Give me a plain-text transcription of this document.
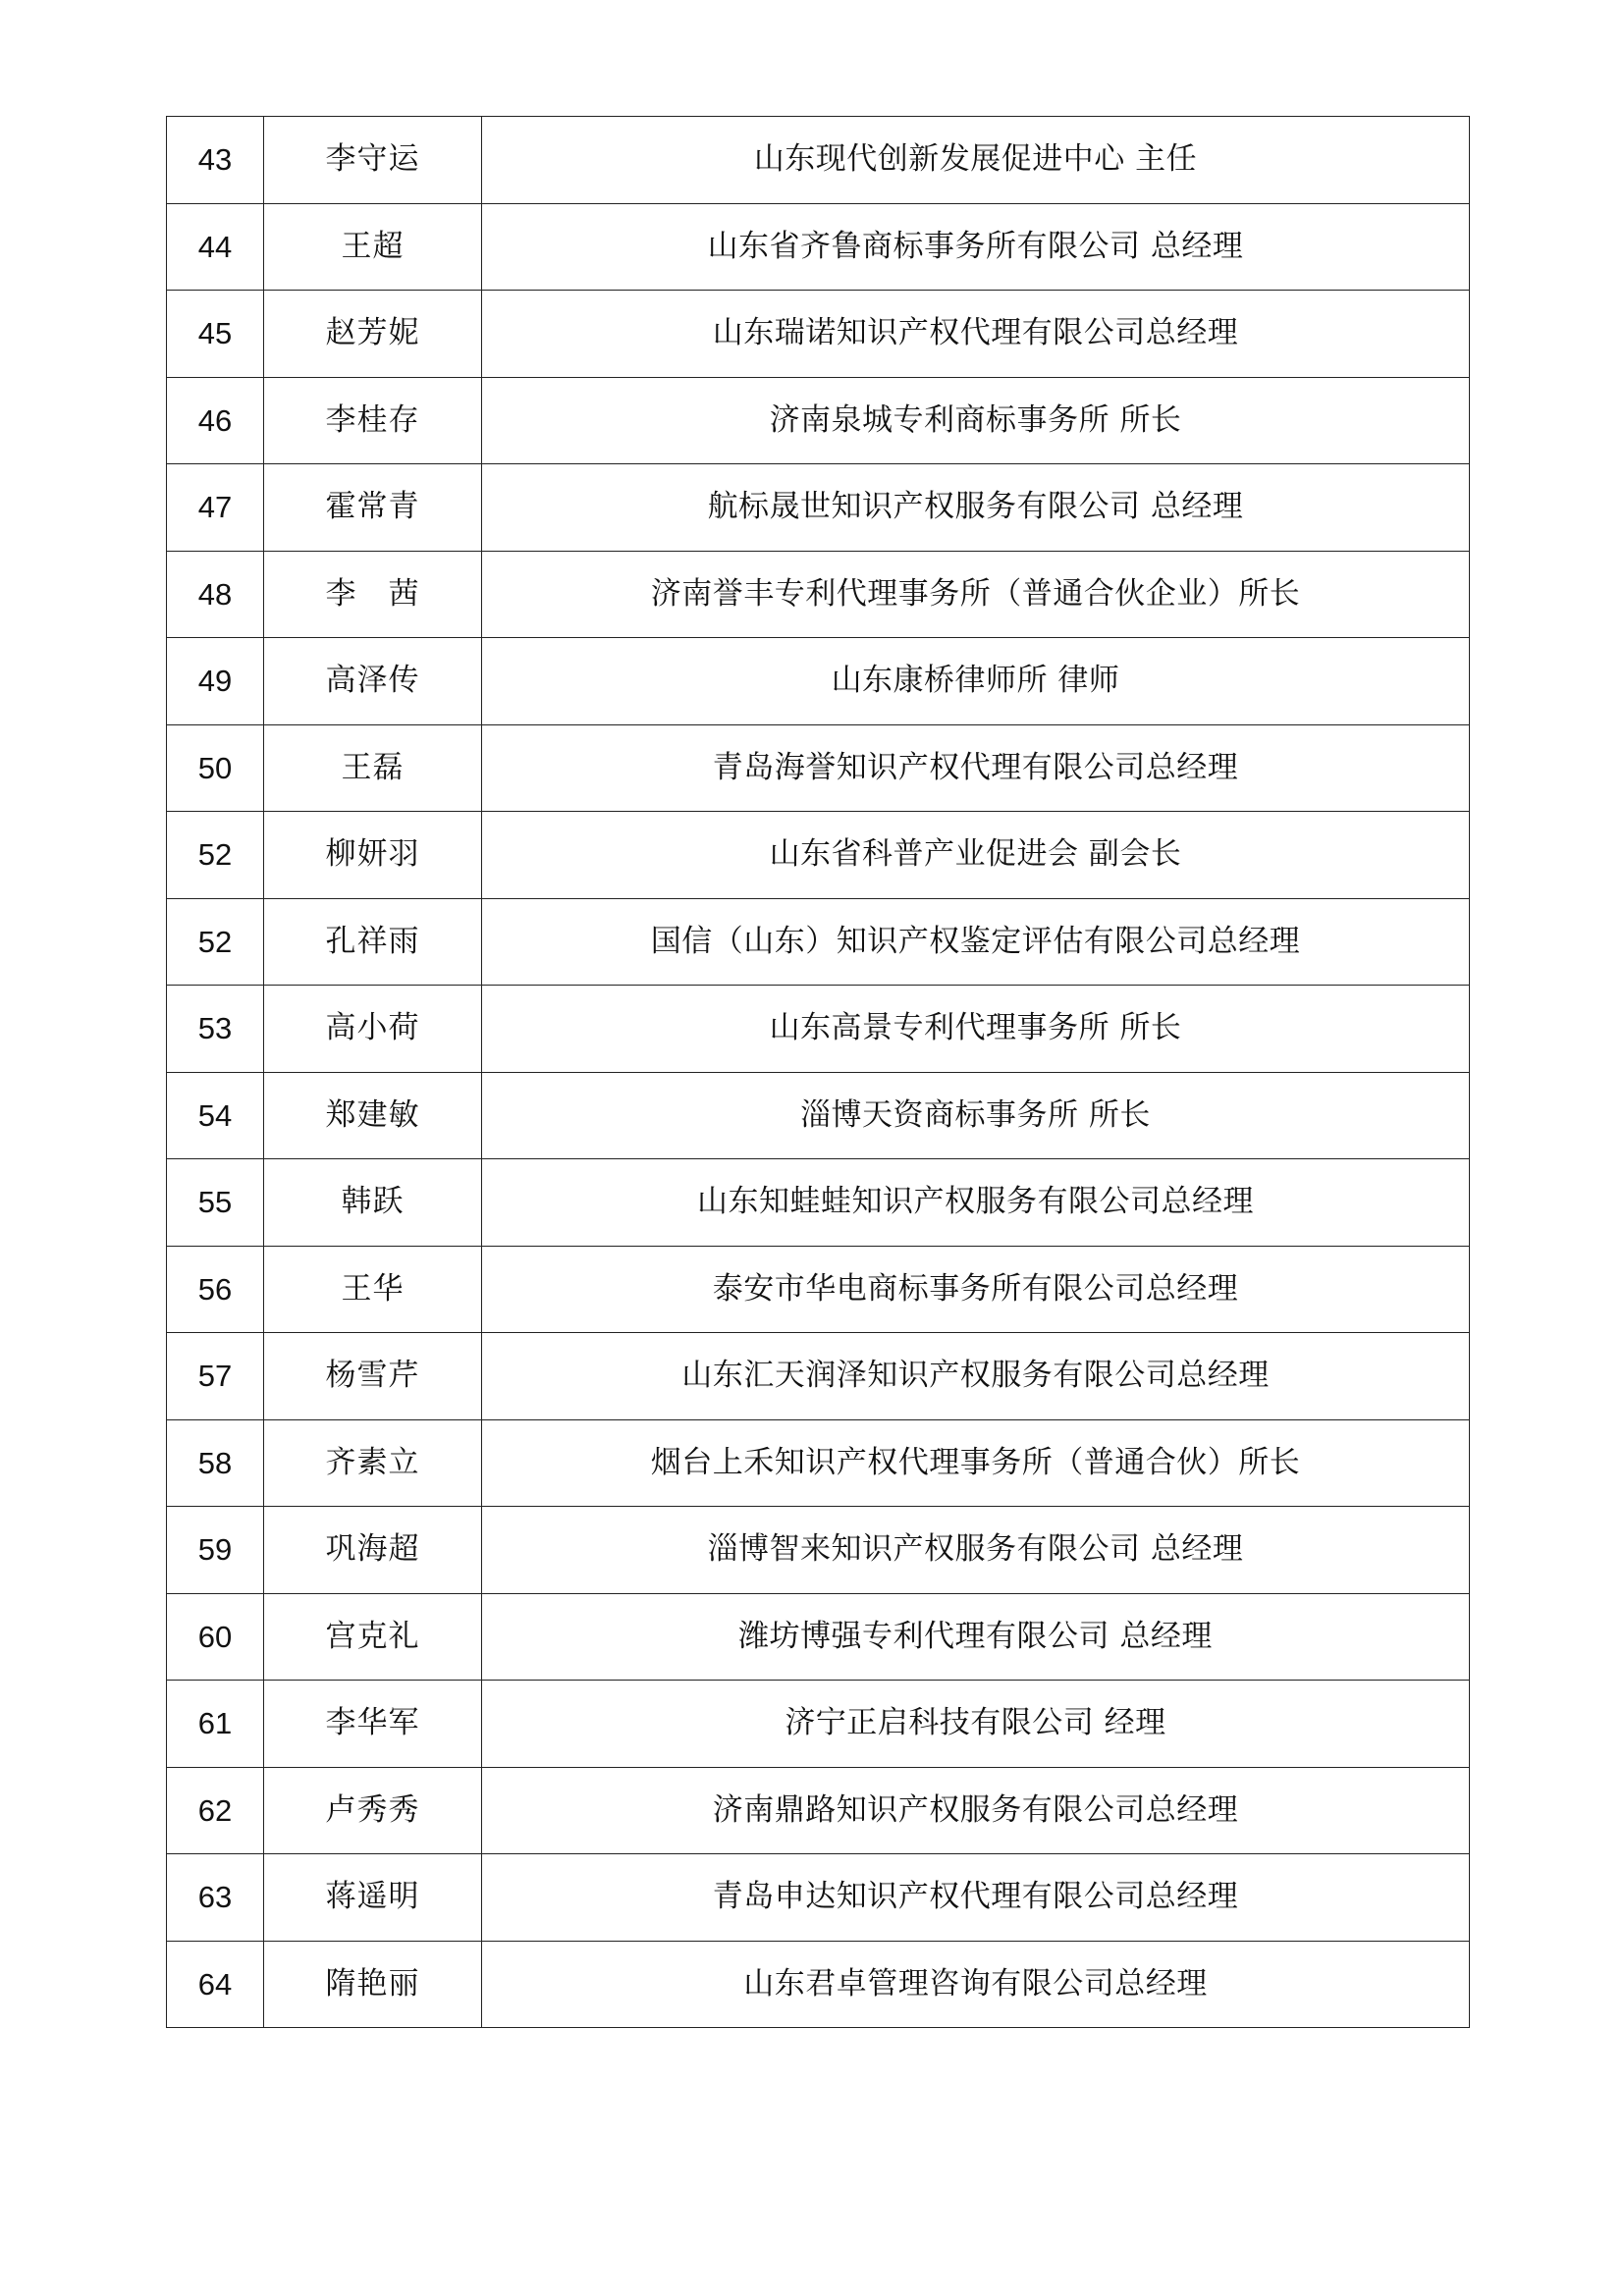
43	李守运	山东现代创新发展促进中心 主任
44	王超	山东省齐鲁商标事务所有限公司 总经理
45	赵芳妮	山东瑞诺知识产权代理有限公司总经理
46	李桂存	济南泉城专利商标事务所 所长
47	霍常青	航标晟世知识产权服务有限公司 总经理
48	李　茜	济南誉丰专利代理事务所（普通合伙企业）所长
49	高泽传	山东康桥律师所 律师
50	王磊	青岛海誉知识产权代理有限公司总经理
52	柳妍羽	山东省科普产业促进会 副会长
52	孔祥雨	国信（山东）知识产权鉴定评估有限公司总经理
53	高小荷	山东高景专利代理事务所 所长
54	郑建敏	淄博天资商标事务所 所长
55	韩跃	山东知蛙蛙知识产权服务有限公司总经理
56	王华	泰安市华电商标事务所有限公司总经理
57	杨雪芹	山东汇天润泽知识产权服务有限公司总经理
58	齐素立	烟台上禾知识产权代理事务所（普通合伙）所长
59	巩海超	淄博智来知识产权服务有限公司 总经理
60	宫克礼	潍坊博强专利代理有限公司 总经理
61	李华军	济宁正启科技有限公司 经理
62	卢秀秀	济南鼎路知识产权服务有限公司总经理
63	蒋遥明	青岛申达知识产权代理有限公司总经理
64	隋艳丽	山东君卓管理咨询有限公司总经理
